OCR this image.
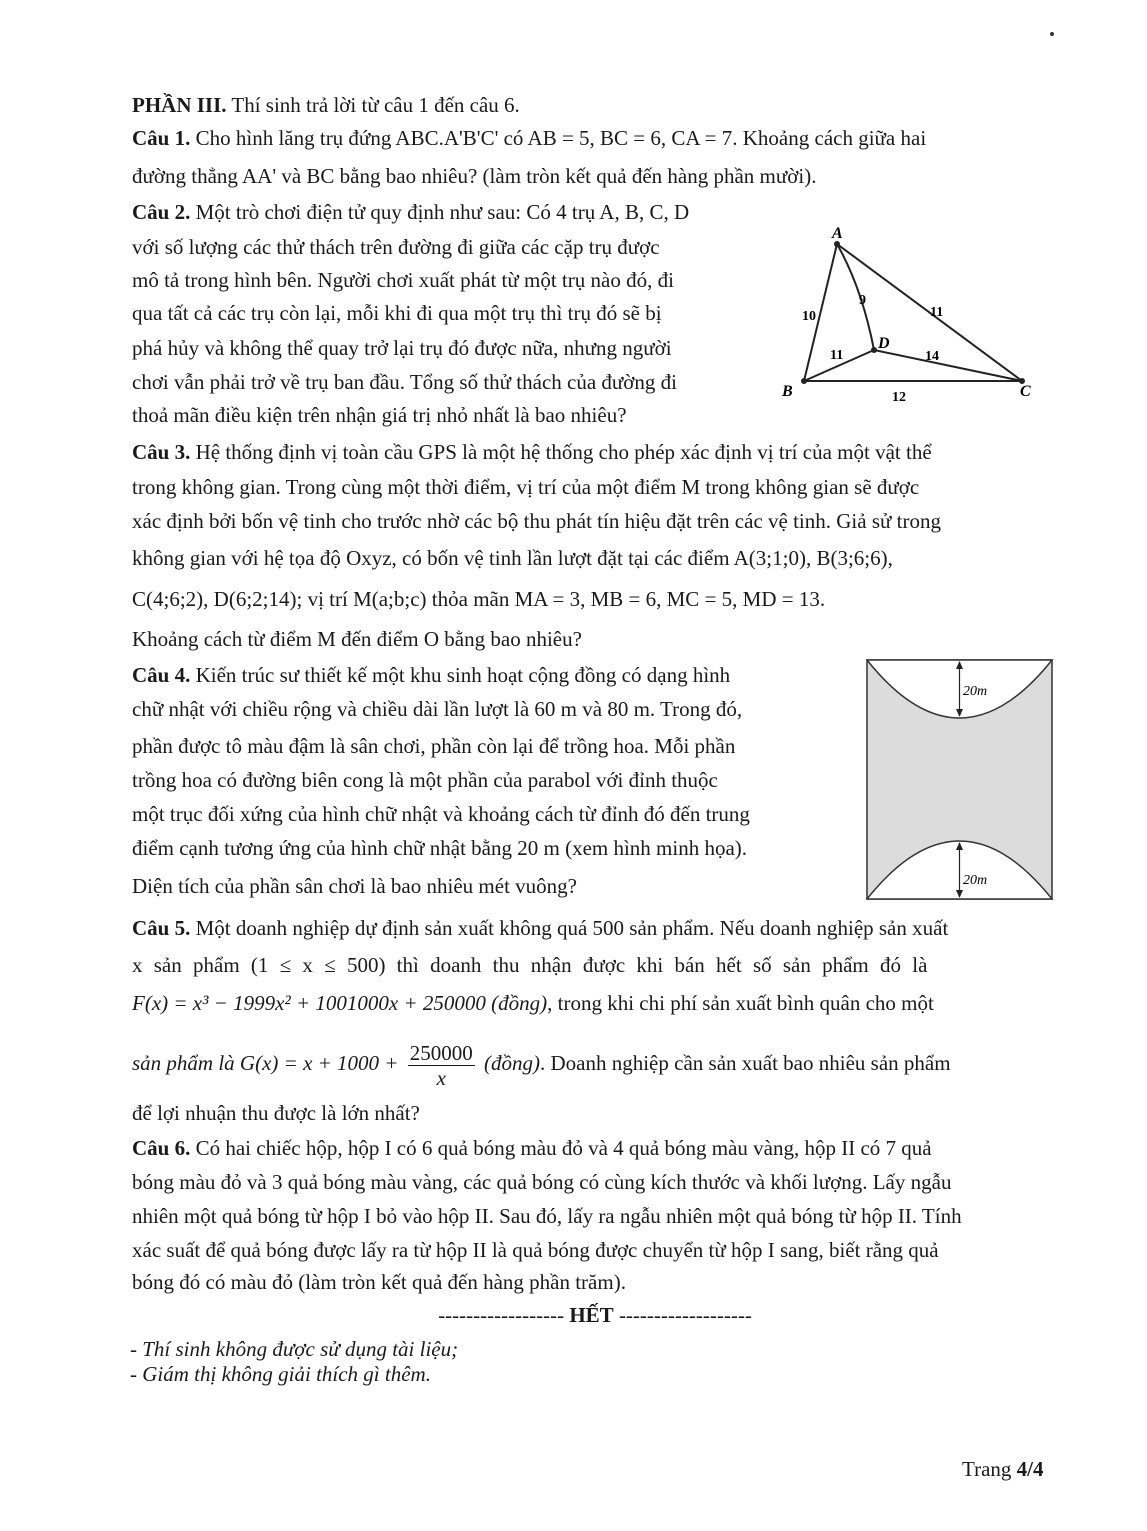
PHẦN III. Thí sinh trả lời từ câu 1 đến câu 6.
Câu 1. Cho hình lăng trụ đứng ABC.A'B'C' có AB = 5, BC = 6, CA = 7. Khoảng cách giữa hai
đường thẳng AA' và BC bằng bao nhiêu? (làm tròn kết quả đến hàng phần mười).
Câu 2. Một trò chơi điện tử quy định như sau: Có 4 trụ A, B, C, D
với số lượng các thử thách trên đường đi giữa các cặp trụ được
mô tả trong hình bên. Người chơi xuất phát từ một trụ nào đó, đi
qua tất cả các trụ còn lại, mỗi khi đi qua một trụ thì trụ đó sẽ bị
phá hủy và không thể quay trở lại trụ đó được nữa, nhưng người
chơi vẫn phải trở về trụ ban đầu. Tổng số thử thách của đường đi
thoả mãn điều kiện trên nhận giá trị nhỏ nhất là bao nhiêu?
A
B	C
D
10
9
11
11	14
12
Câu 3. Hệ thống định vị toàn cầu GPS là một hệ thống cho phép xác định vị trí của một vật thể
trong không gian. Trong cùng một thời điểm, vị trí của một điểm M trong không gian sẽ được
xác định bởi bốn vệ tinh cho trước nhờ các bộ thu phát tín hiệu đặt trên các vệ tinh. Giả sử trong
không gian với hệ tọa độ Oxyz, có bốn vệ tinh lần lượt đặt tại các điểm A(3;1;0), B(3;6;6),
C(4;6;2), D(6;2;14); vị trí M(a;b;c) thỏa mãn MA = 3, MB = 6, MC = 5, MD = 13.
Khoảng cách từ điểm M đến điểm O bằng bao nhiêu?
Câu 4. Kiến trúc sư thiết kế một khu sinh hoạt cộng đồng có dạng hình
chữ nhật với chiều rộng và chiều dài lần lượt là 60 m và 80 m. Trong đó,
phần được tô màu đậm là sân chơi, phần còn lại để trồng hoa. Mỗi phần
trồng hoa có đường biên cong là một phần của parabol với đỉnh thuộc
một trục đối xứng của hình chữ nhật và khoảng cách từ đỉnh đó đến trung
điểm cạnh tương ứng của hình chữ nhật bằng 20 m (xem hình minh họa).
Diện tích của phần sân chơi là bao nhiêu mét vuông?
20m
20m
Câu 5. Một doanh nghiệp dự định sản xuất không quá 500 sản phẩm. Nếu doanh nghiệp sản xuất
x sản phẩm (1 ≤ x ≤ 500) thì doanh thu nhận được khi bán hết số sản phẩm đó là
F(x) = x³ − 1999x² + 1001000x + 250000 (đồng), trong khi chi phí sản xuất bình quân cho một
sản phẩm là $G(x) = x + 1000 + \frac{250000}{x}$ (đồng). Doanh nghiệp cần sản xuất bao nhiêu sản phẩm
để lợi nhuận thu được là lớn nhất?
Câu 6. Có hai chiếc hộp, hộp I có 6 quả bóng màu đỏ và 4 quả bóng màu vàng, hộp II có 7 quả
bóng màu đỏ và 3 quả bóng màu vàng, các quả bóng có cùng kích thước và khối lượng. Lấy ngẫu
nhiên một quả bóng từ hộp I bỏ vào hộp II. Sau đó, lấy ra ngẫu nhiên một quả bóng từ hộp II. Tính
xác suất để quả bóng được lấy ra từ hộp II là quả bóng được chuyển từ hộp I sang, biết rằng quả
bóng đó có màu đỏ (làm tròn kết quả đến hàng phần trăm).
------------------ HẾT -------------------
- Thí sinh không được sử dụng tài liệu;
- Giám thị không giải thích gì thêm.
Trang 4/4
